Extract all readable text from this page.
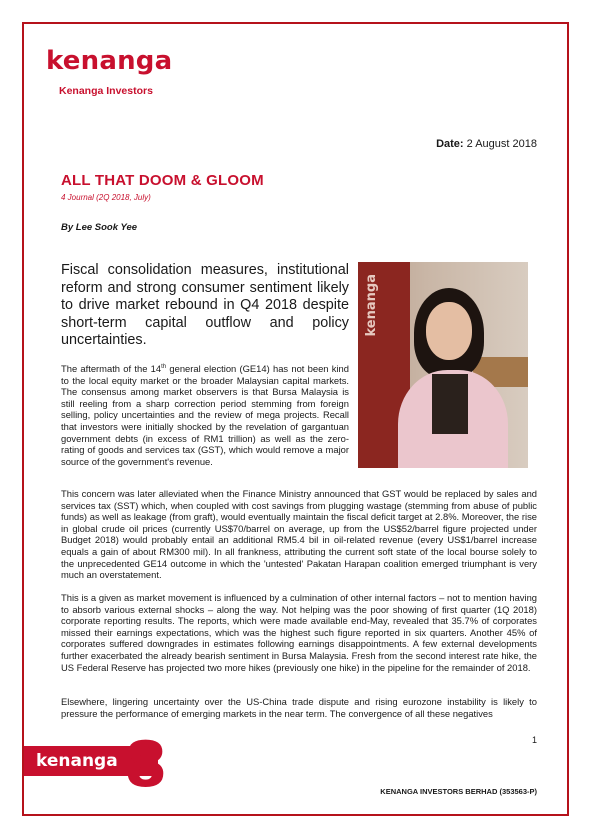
kenanga
Kenanga Investors
Date: 2 August 2018
ALL THAT DOOM & GLOOM
4 Journal (2Q 2018, July)
By Lee Sook Yee
Fiscal consolidation measures, institutional reform and strong consumer sentiment likely to drive market rebound in Q4 2018 despite short-term capital outflow and policy uncertainties.
kenanga

The aftermath of the 14th general election (GE14) has not been kind to the local equity market or the broader Malaysian capital markets. The consensus among market observers is that Bursa Malaysia is still reeling from a sharp correction period stemming from foreign selling, policy uncertainties and the review of mega projects. Recall that investors were initially shocked by the revelation of gargantuan government debts (in excess of RM1 trillion) as well as the zero-rating of goods and services tax (GST), which would remove a major source of the government's revenue.

This concern was later alleviated when the Finance Ministry announced that GST would be replaced by sales and services tax (SST) which, when coupled with cost savings from plugging wastage (stemming from abuse of public funds) as well as leakage (from graft), would eventually maintain the fiscal deficit target at 2.8%. Moreover, the rise in global crude oil prices (currently US$70/barrel on average, up from the US$52/barrel figure projected under Budget 2018) would probably entail an additional RM5.4 bil in oil-related revenue (every US$1/barrel increase equals a gain of about RM300 mil). In all frankness, attributing the current soft state of the local bourse solely to the unprecedented GE14 outcome in which the 'untested' Pakatan Harapan coalition emerged triumphant is very much an overstatement.

This is a given as market movement is influenced by a culmination of other internal factors – not to mention having to absorb various external shocks – along the way. Not helping was the poor showing of first quarter (1Q 2018) corporate reporting results. The reports, which were made available end-May, revealed that 35.7% of corporates missed their earnings expectations, which was the highest such figure reported in six quarters. Another 45% of corporates suffered downgrades in estimates following earnings disappointments. A few external developments further exacerbated the already bearish sentiment in Bursa Malaysia. Fresh from the second interest rate hike, the US Federal Reserve has projected two more hikes (previously one hike) in the pipeline for the remainder of 2018.

Elsewhere, lingering uncertainty over the US-China trade dispute and rising eurozone instability is likely to pressure the performance of emerging markets in the near term. The convergence of all these negatives

1
kenanga 8	KENANGA INVESTORS BERHAD (353563-P)
